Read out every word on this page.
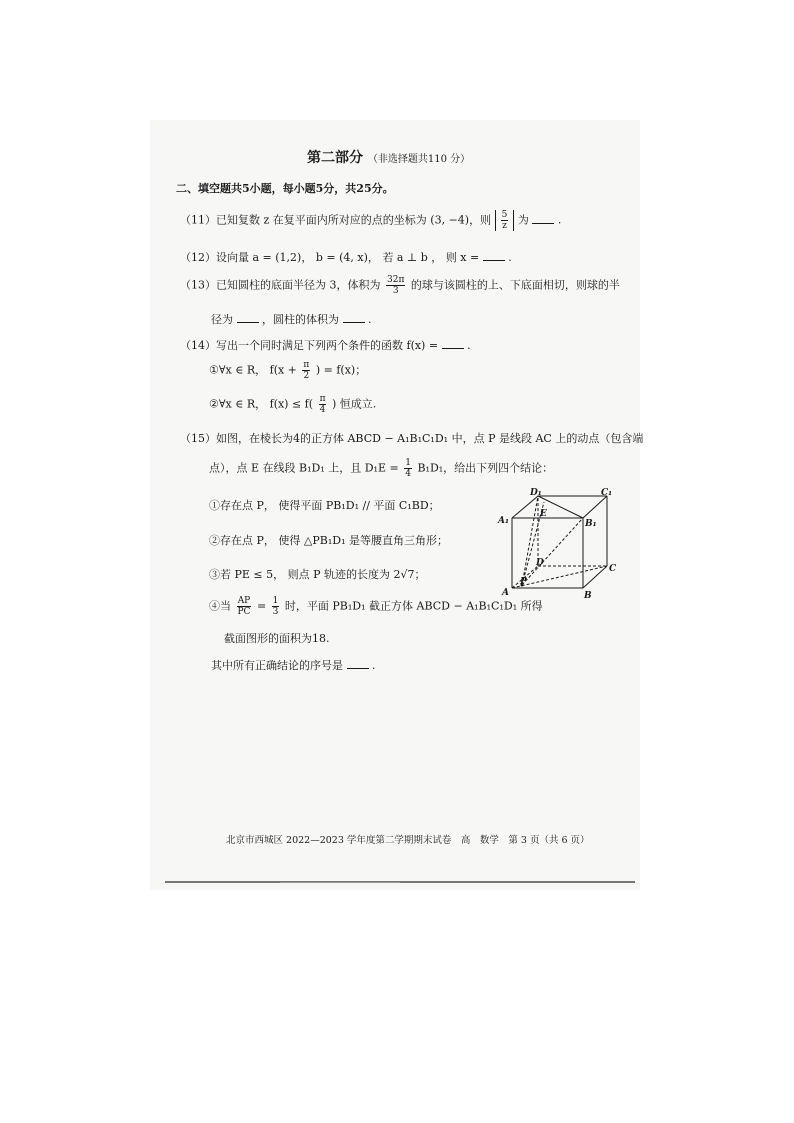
第二部分 （非选择题共110 分）
二、填空题共5小题，每小题5分，共25分。
（11）已知复数 z 在复平面内所对应的点的坐标为 (3, −4)，则 $\frac{5}{z}$ 为	.
（12）设向量 a = (1,2)， b = (4, x)， 若 a ⊥ b ， 则 x =	.
（13）已知圆柱的底面半径为 3，体积为 $\frac{32\pi}{3}$ 的球与该圆柱的上、下底面相切，则球的半
径为	，圆柱的体积为	.
（14）写出一个同时满足下列两个条件的函数 f(x) =	.
①∀x ∈ R， $f(x + \frac{\pi}{2}$ ) = f(x)；
②∀x ∈ R， $f(x) \le f( \frac{\pi}{4}$ ) 恒成立.
（15）如图，在棱长为4的正方体 ABCD − A₁B₁C₁D₁ 中，点 P 是线段 AC 上的动点（包含端
点），点 E 在线段 B₁D₁ 上，且 $D_1E = \frac{1}{4} B_1D_1$，给出下列四个结论：
①存在点 P， 使得平面 PB₁D₁ // 平面 C₁BD；
②存在点 P， 使得 △PB₁D₁ 是等腰直角三角形；
③若 PE ≤ 5， 则点 P 轨迹的长度为 2√7；
④当 $\frac{AP}{PC} = \frac{1}{3}$ 时，平面 PB₁D₁ 截正方体 ABCD − A₁B₁C₁D₁ 所得
截面图形的面积为18.
其中所有正确结论的序号是	.
D₁	C₁
A₁	B₁
E
D
C
A	B
P
北京市西城区 2022—2023 学年度第二学期期末试卷　高　数学　第 3 页（共 6 页）
